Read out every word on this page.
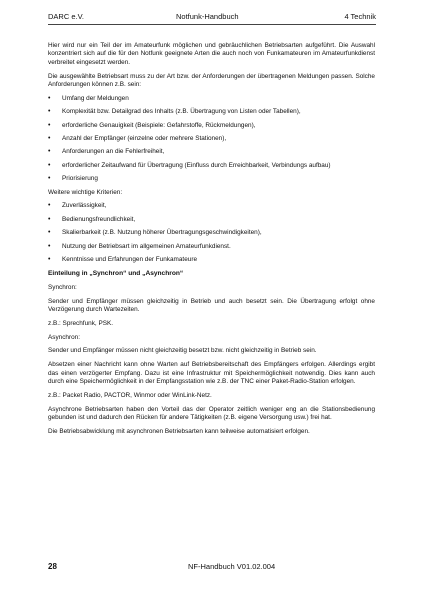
DARC e.V.	Notfunk-Handbuch	4 Technik

Hier wird nur ein Teil der im Amateurfunk möglichen und gebräuchlichen Betriebsarten aufgeführt. Die Auswahl konzentriert sich auf die für den Notfunk geeignete Arten die auch noch von Funkamateuren im Amateurfunkdienst verbreitet eingesetzt werden.

Die ausgewählte Betriebsart muss zu der Art bzw. der Anforderungen der übertragenen Meldungen passen. Solche Anforderungen können z.B. sein:

• Umfang der Meldungen
• Komplexität bzw. Detailgrad des Inhalts (z.B. Übertragung von Listen oder Tabellen),
• erforderliche Genauigkeit (Beispiele: Gefahrstoffe, Rückmeldungen),
• Anzahl der Empfänger (einzelne oder mehrere Stationen),
• Anforderungen an die Fehlerfreiheit,
• erforderlicher Zeitaufwand für Übertragung (Einfluss durch Erreichbarkeit, Verbindungs aufbau)
• Priorisierung

Weitere wichtige Kriterien:

• Zuverlässigkeit,
• Bedienungsfreundlichkeit,
• Skalierbarkeit (z.B. Nutzung höherer Übertragungsgeschwindigkeiten),
• Nutzung der Betriebsart im allgemeinen Amateurfunkdienst.
• Kenntnisse und Erfahrungen der Funkamateure
Einteilung in „Synchron“ und „Asynchron“

Synchron:

Sender und Empfänger müssen gleichzeitig in Betrieb und auch besetzt sein. Die Übertragung erfolgt ohne Verzögerung durch Wartezeiten.

z.B.: Sprechfunk, PSK.

Asynchron:

Sender und Empfänger müssen nicht gleichzeitig besetzt bzw. nicht gleichzeitig in Betrieb sein.

Absetzen einer Nachricht kann ohne Warten auf Betriebsbereitschaft des Empfängers erfolgen. Allerdings ergibt das einen verzögerter Empfang. Dazu ist eine Infrastruktur mit Speichermöglichkeit notwendig. Dies kann auch durch eine Speichermöglichkeit in der Empfangsstation wie z.B. der TNC einer Paket-Radio-Station erfolgen.

z.B.: Packet Radio, PACTOR, Winmor oder WinLink-Netz.

Asynchrone Betriebsarten haben den Vorteil das der Operator zeitlich weniger eng an die Stationsbedienung gebunden ist und dadurch den Rücken für andere Tätigkeiten (z.B. eigene Versorgung usw.) frei hat.

Die Betriebsabwicklung mit asynchronen Betriebsarten kann teilweise automatisiert erfolgen.

28	NF-Handbuch V01.02.004
